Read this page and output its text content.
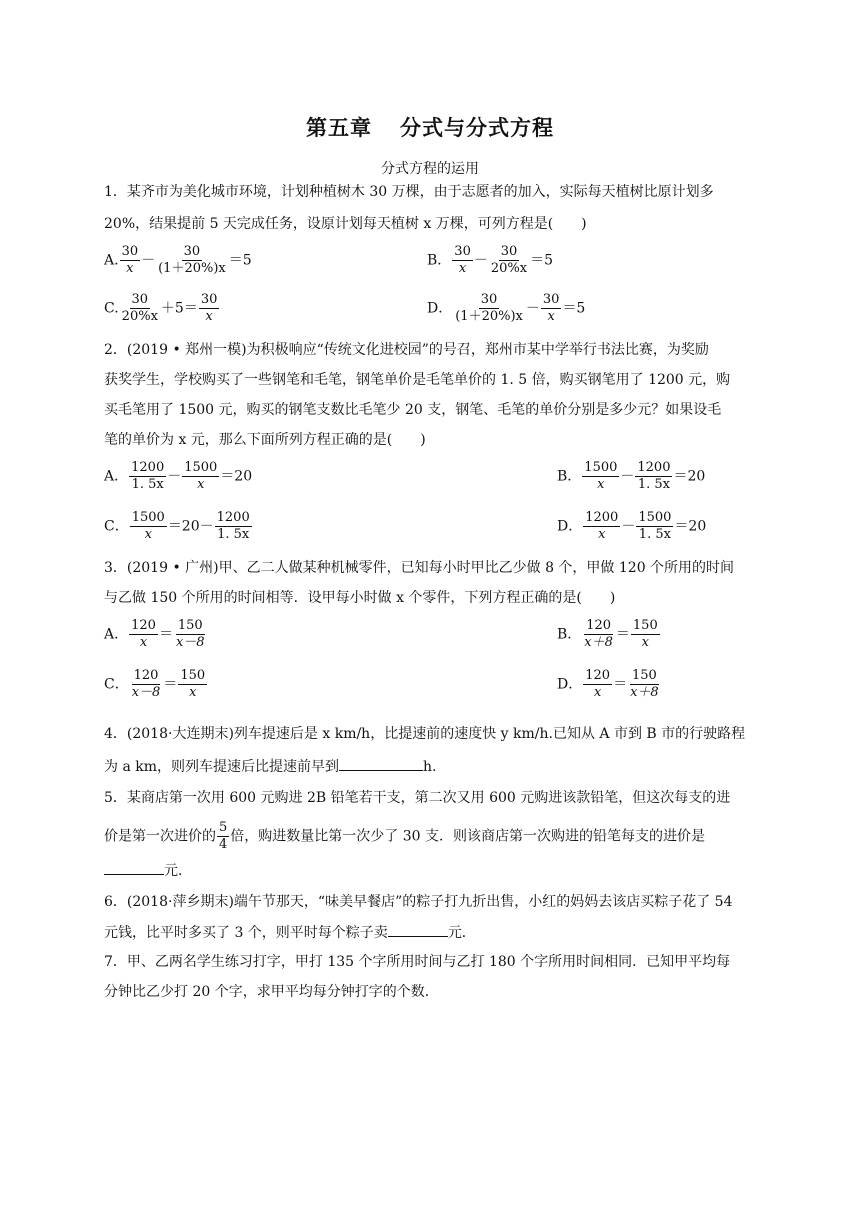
第五章 分式与分式方程
分式方程的运用
1．某齐市为美化城市环境，计划种植树木 30 万棵，由于志愿者的加入，实际每天植树比原计划多
20%，结果提前 5 天完成任务，设原计划每天植树 x 万棵，可列方程是(　　)
A. $\frac{30}{x} - \frac{30}{(1+20\%)x} =5$	B． $\frac{30}{x} - \frac{30}{20\%x} =5$
C. $\frac{30}{20\%x} +5= \frac{30}{x}$	D． $\frac{30}{(1+20\%)x} - \frac{30}{x} =5$
2．(2019 • 郑州一模)为积极响应“传统文化进校园”的号召，郑州市某中学举行书法比赛，为奖励
获奖学生，学校购买了一些钢笔和毛笔，钢笔单价是毛笔单价的 1. 5 倍，购买钢笔用了 1200 元，购
买毛笔用了 1500 元，购买的钢笔支数比毛笔少 20 支，钢笔、毛笔的单价分别是多少元？如果设毛
笔的单价为 x 元，那么下面所列方程正确的是(　　)
A． $\frac{1200}{1. 5x} - \frac{1500}{x} =20$	B． $\frac{1500}{x} - \frac{1200}{1. 5x} =20$
C． $\frac{1500}{x} =20- \frac{1200}{1. 5x}$	D． $\frac{1200}{x} - \frac{1500}{1. 5x} =20$
3．(2019 • 广州)甲、乙二人做某种机械零件，已知每小时甲比乙少做 8 个，甲做 120 个所用的时间
与乙做 150 个所用的时间相等．设甲每小时做 x 个零件，下列方程正确的是(　　)
A． $\frac{120}{x} = \frac{150}{x-8}$	B． $\frac{120}{x+8} = \frac{150}{x}$
C． $\frac{120}{x-8} = \frac{150}{x}$	D． $\frac{120}{x} = \frac{150}{x+8}$
4．(2018·大连期末)列车提速后是 x km/h，比提速前的速度快 y km/h.已知从 A 市到 B 市的行驶路程
为 a km，则列车提速后比提速前早到	h.
5．某商店第一次用 600 元购进 2B 铅笔若干支，第二次又用 600 元购进该款铅笔，但这次每支的进
价是第一次进价的 $\frac{5}{4}$ 倍，购进数量比第一次少了 30 支．则该商店第一次购进的铅笔每支的进价是
元．
6．(2018·萍乡期末)端午节那天，“味美早餐店”的粽子打九折出售，小红的妈妈去该店买粽子花了 54
元钱，比平时多买了 3 个，则平时每个粽子卖	元．
7．甲、乙两名学生练习打字，甲打 135 个字所用时间与乙打 180 个字所用时间相同．已知甲平均每
分钟比乙少打 20 个字，求甲平均每分钟打字的个数．
